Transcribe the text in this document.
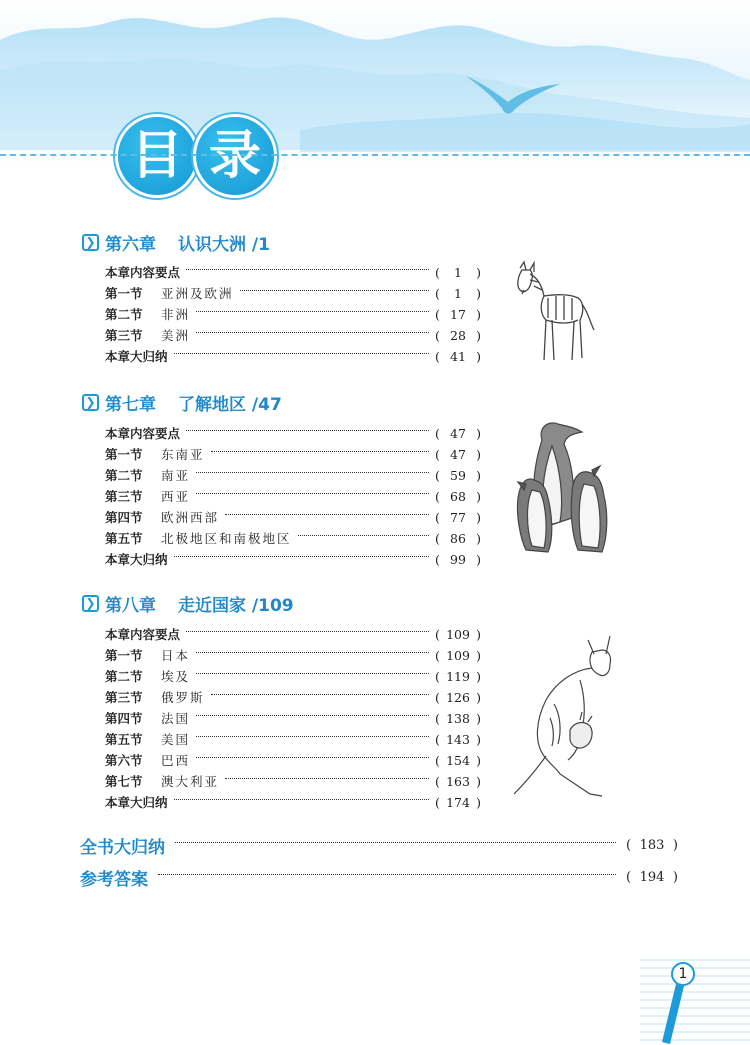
目 录
❯ 第六章 认识大洲 /1
本章内容要点	( 1 )
第一节	亚洲及欧洲	( 1 )
第二节	非洲	( 17 )
第三节	美洲	( 28 )
本章大归纳	( 41 )
❯ 第七章 了解地区 /47
本章内容要点	( 47 )
第一节	东南亚	( 47 )
第二节	南亚	( 59 )
第三节	西亚	( 68 )
第四节	欧洲西部	( 77 )
第五节	北极地区和南极地区	( 86 )
本章大归纳	( 99 )
❯ 第八章 走近国家 /109
本章内容要点	( 109 )
第一节	日本	( 109 )
第二节	埃及	( 119 )
第三节	俄罗斯	( 126 )
第四节	法国	( 138 )
第五节	美国	( 143 )
第六节	巴西	( 154 )
第七节	澳大利亚	( 163 )
本章大归纳	( 174 )
全书大归纳	( 183 )
参考答案	( 194 )
1
